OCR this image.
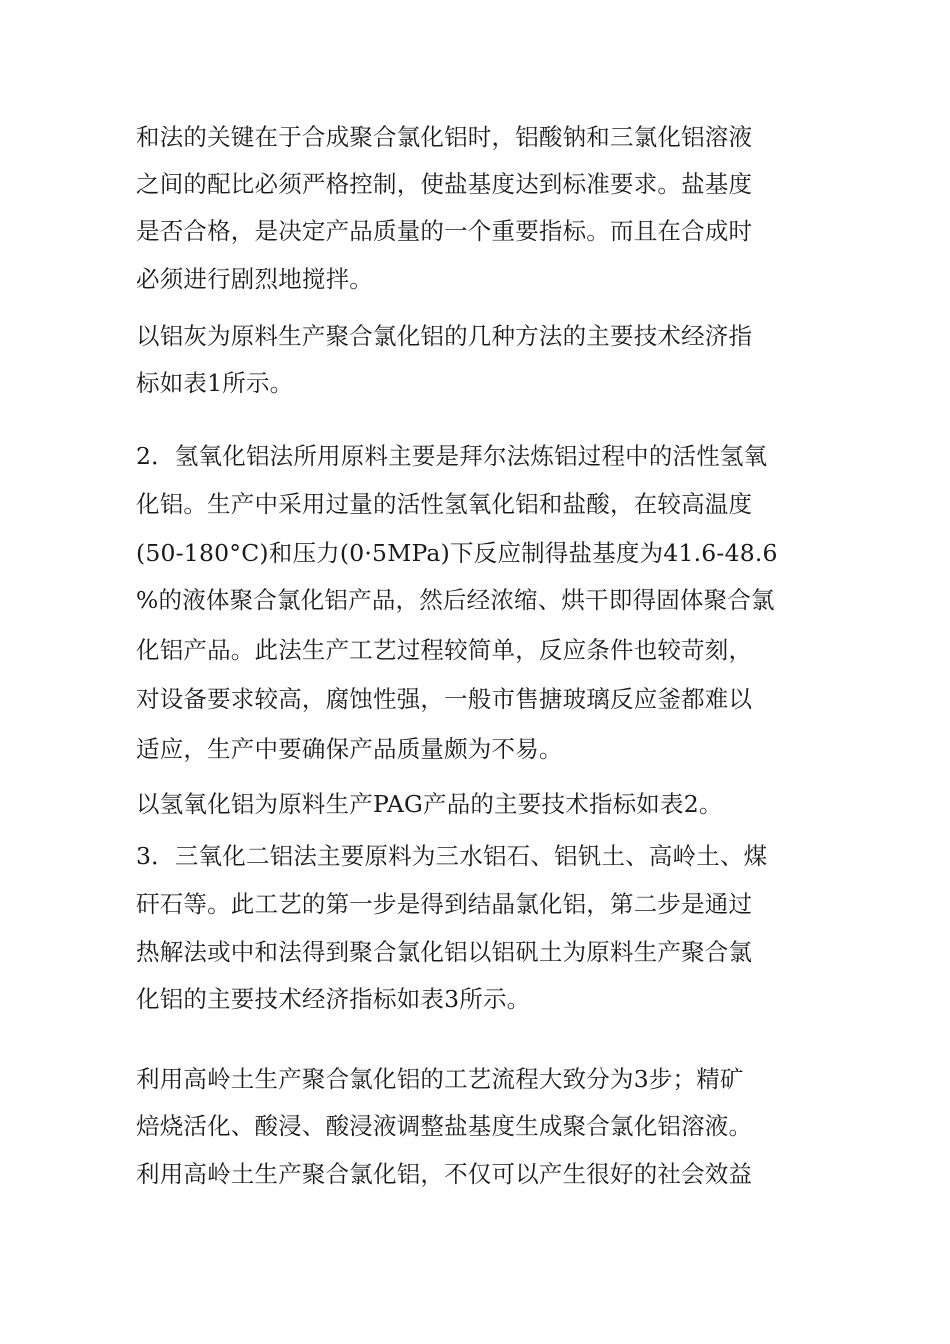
和法的关键在于合成聚合氯化铝时，铝酸钠和三氯化铝溶液
之间的配比必须严格控制，使盐基度达到标准要求。盐基度
是否合格，是决定产品质量的一个重要指标。而且在合成时
必须进行剧烈地搅拌。
以铝灰为原料生产聚合氯化铝的几种方法的主要技术经济指
标如表1所示。
2．氢氧化铝法所用原料主要是拜尔法炼铝过程中的活性氢氧
化铝。生产中采用过量的活性氢氧化铝和盐酸，在较高温度
(50-180°C)和压力(0·5MPa)下反应制得盐基度为41.6-48.6
%的液体聚合氯化铝产品，然后经浓缩、烘干即得固体聚合氯
化铝产品。此法生产工艺过程较简单，反应条件也较苛刻，
对设备要求较高，腐蚀性强，一般市售搪玻璃反应釜都难以
适应，生产中要确保产品质量颇为不易。
以氢氧化铝为原料生产PAG产品的主要技术指标如表2。
3．三氧化二铝法主要原料为三水铝石、铝钒土、高岭土、煤
矸石等。此工艺的第一步是得到结晶氯化铝，第二步是通过
热解法或中和法得到聚合氯化铝以铝矾土为原料生产聚合氯
化铝的主要技术经济指标如表3所示。
利用高岭土生产聚合氯化铝的工艺流程大致分为3步；精矿
焙烧活化、酸浸、酸浸液调整盐基度生成聚合氯化铝溶液。
利用高岭土生产聚合氯化铝，不仅可以产生很好的社会效益
